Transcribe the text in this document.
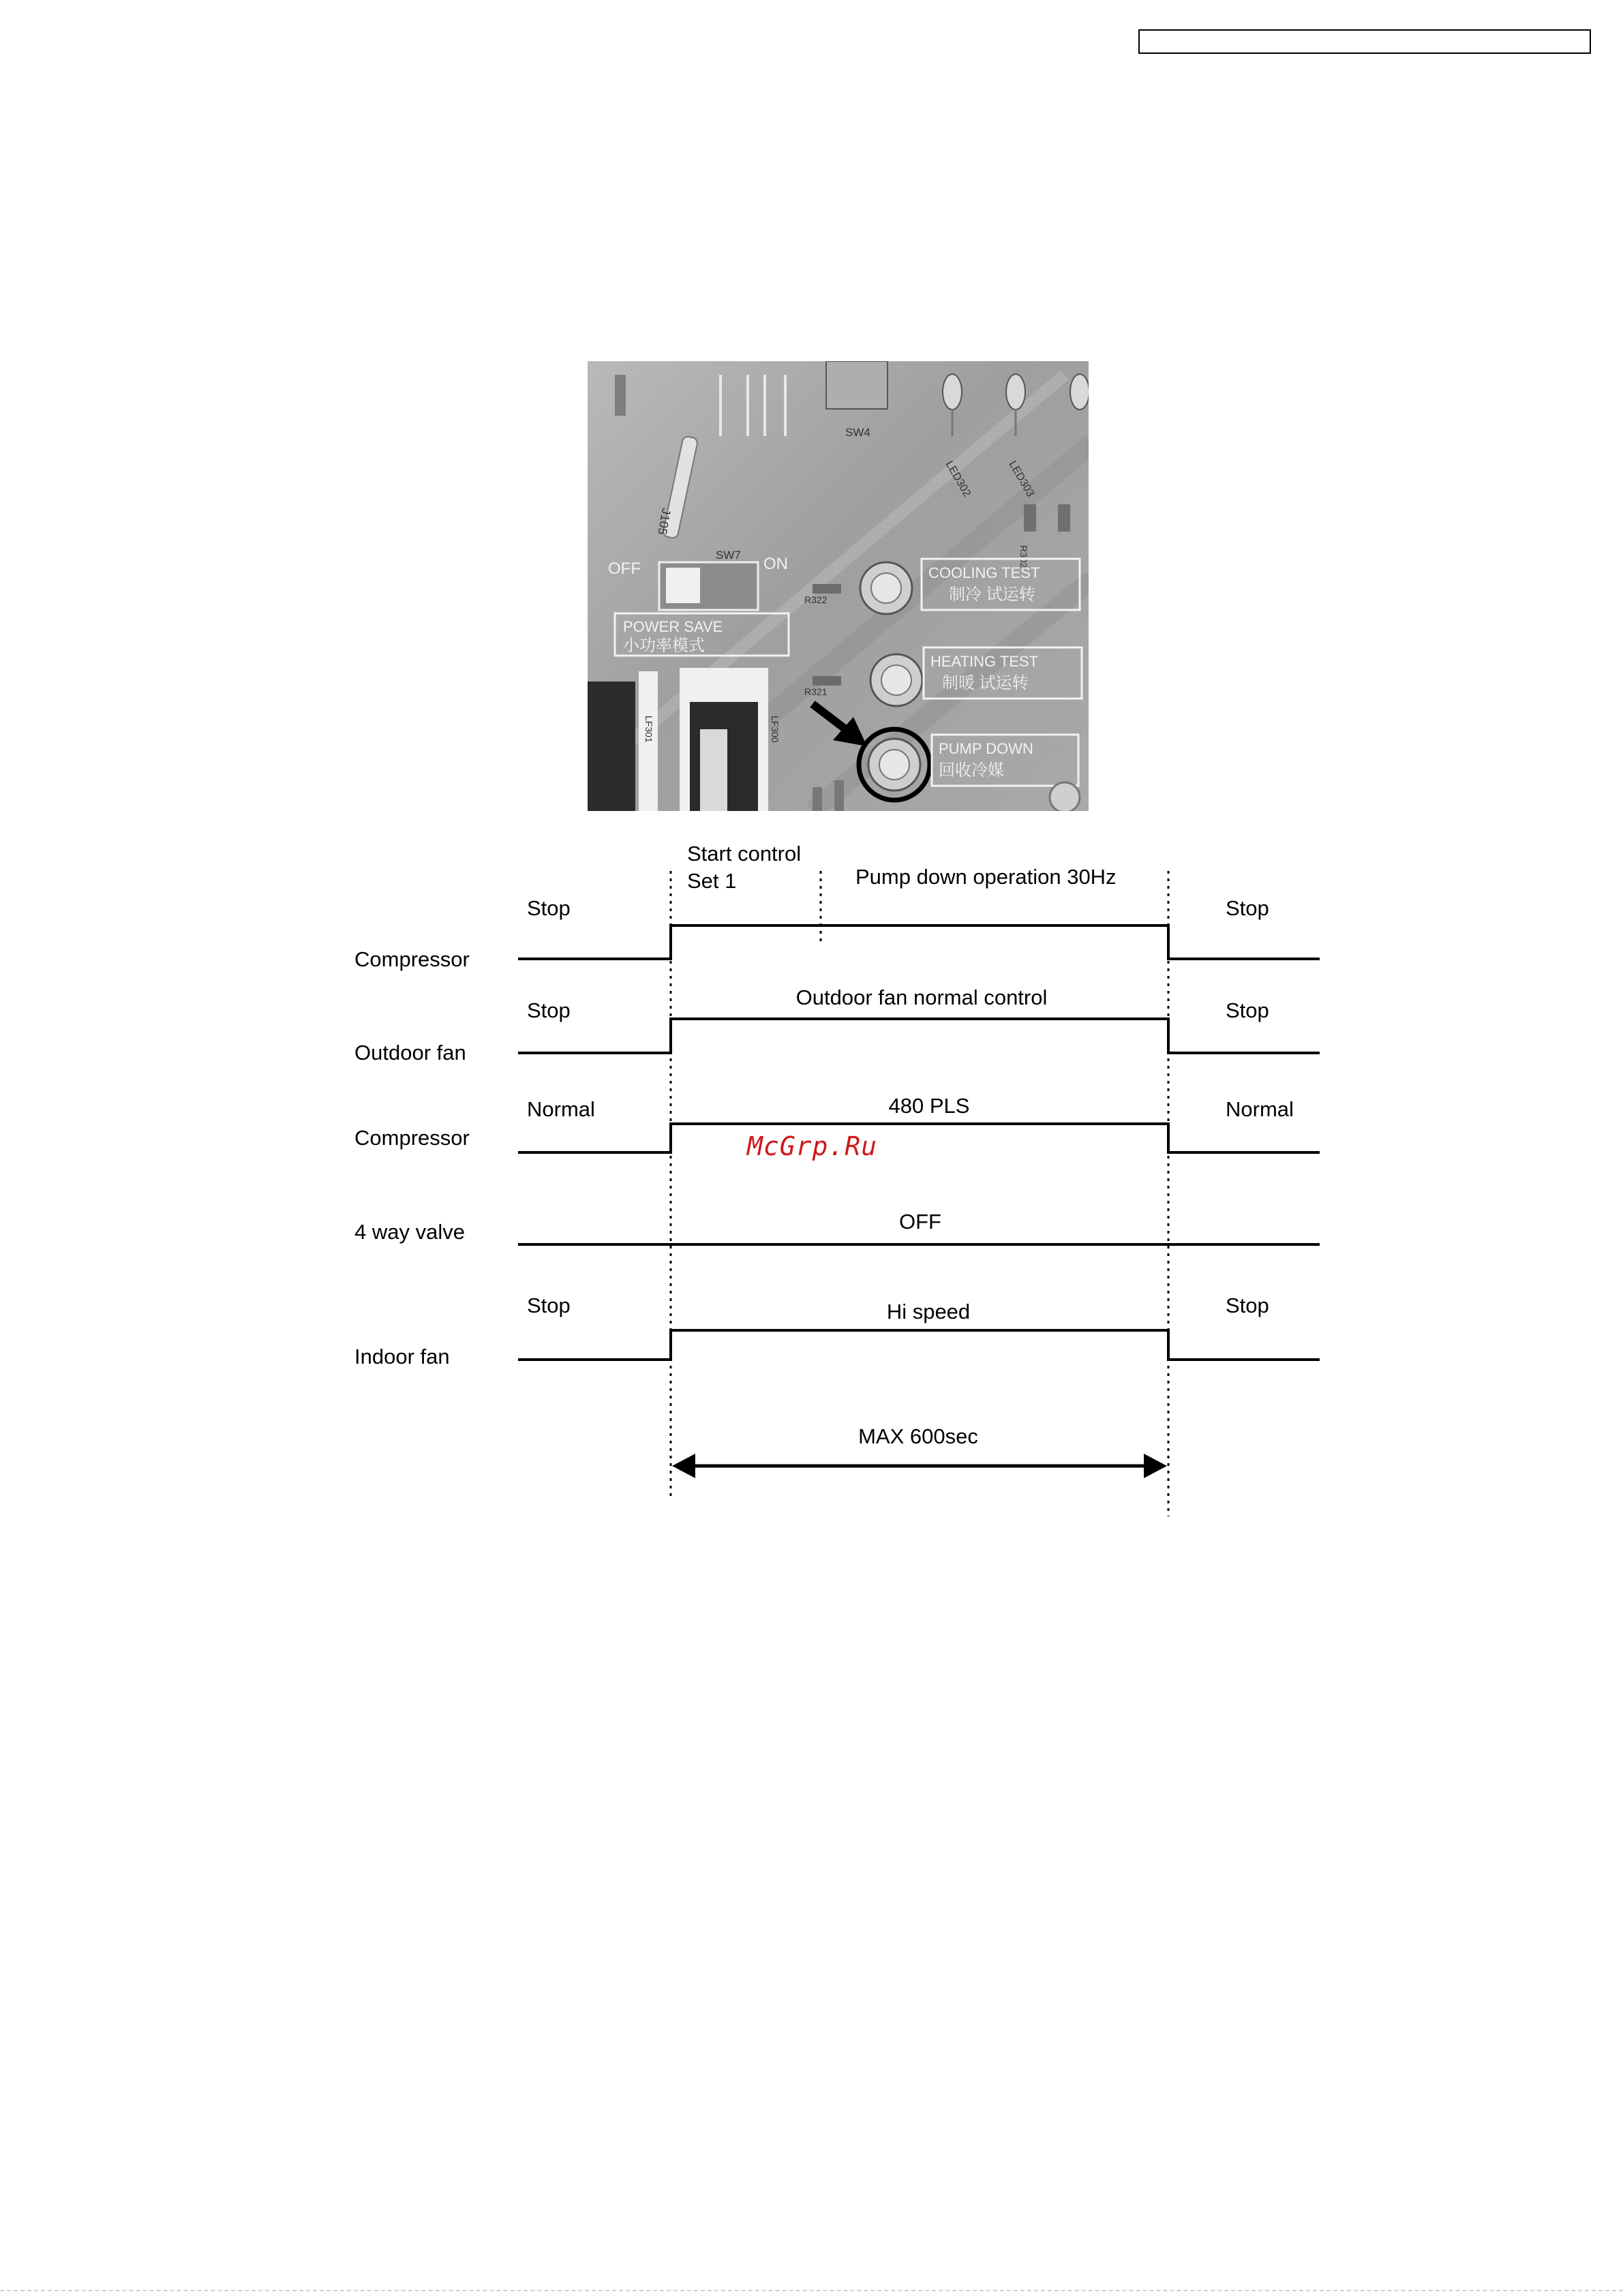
SW4
LED302	LED303
R302
J105
SW7
OFF	ON
POWER SAVE
小功率模式
R322
COOLING TEST
制冷 试运转
R321
HEATING TEST
制暖 试运转
PUMP DOWN
回收冷媒
LF301	LF300
Start control
Set 1	Pump down operation 30Hz
Compressor
Stop	Stop
Outdoor fan
Stop
Outdoor fan normal control
Stop
Compressor
Normal	480 PLS	Normal
4 way valve	OFF
Indoor fan
Stop	Hi speed	Stop
MAX 600sec
McGrp.Ru
